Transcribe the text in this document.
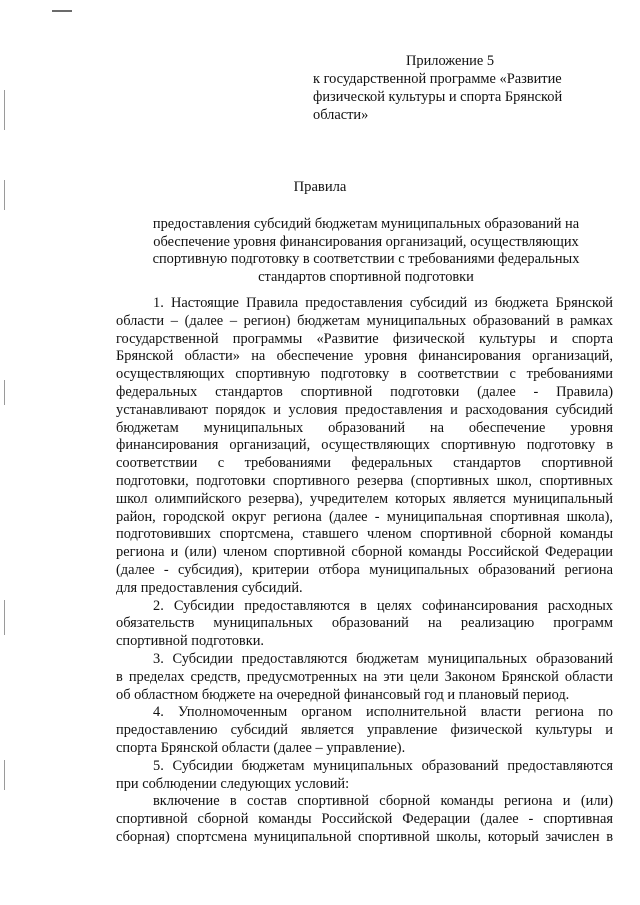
Приложение 5
к государственной программе «Развитие
физической культуры и спорта Брянской
области»
Правила
предоставления субсидий бюджетам муниципальных образований на
обеспечение уровня финансирования организаций, осуществляющих
спортивную подготовку в соответствии с требованиями федеральных
стандартов спортивной подготовки
1. Настоящие Правила предоставления субсидий из бюджета Брянской
области – (далее – регион) бюджетам муниципальных образований в рамках
государственной программы «Развитие физической культуры и спорта
Брянской области» на обеспечение уровня финансирования организаций,
осуществляющих спортивную подготовку в соответствии с требованиями
федеральных стандартов спортивной подготовки (далее - Правила)
устанавливают порядок и условия предоставления и расходования субсидий
бюджетам муниципальных образований на обеспечение уровня
финансирования организаций, осуществляющих спортивную подготовку в
соответствии с требованиями федеральных стандартов спортивной
подготовки, подготовки спортивного резерва (спортивных школ, спортивных
школ олимпийского резерва), учредителем которых является муниципальный
район, городской округ региона (далее - муниципальная спортивная школа),
подготовивших спортсмена, ставшего членом спортивной сборной команды
региона и (или) членом спортивной сборной команды Российской Федерации
(далее - субсидия), критерии отбора муниципальных образований региона
для предоставления субсидий.
2. Субсидии предоставляются в целях софинансирования расходных
обязательств муниципальных образований на реализацию программ
спортивной подготовки.
3. Субсидии предоставляются бюджетам муниципальных образований
в пределах средств, предусмотренных на эти цели Законом Брянской области
об областном бюджете на очередной финансовый год и плановый период.
4. Уполномоченным органом исполнительной власти региона по
предоставлению субсидий является управление физической культуры и
спорта Брянской области (далее – управление).
5. Субсидии бюджетам муниципальных образований предоставляются
при соблюдении следующих условий:
включение в состав спортивной сборной команды региона и (или)
спортивной сборной команды Российской Федерации (далее - спортивная
сборная) спортсмена муниципальной спортивной школы, который зачислен в
